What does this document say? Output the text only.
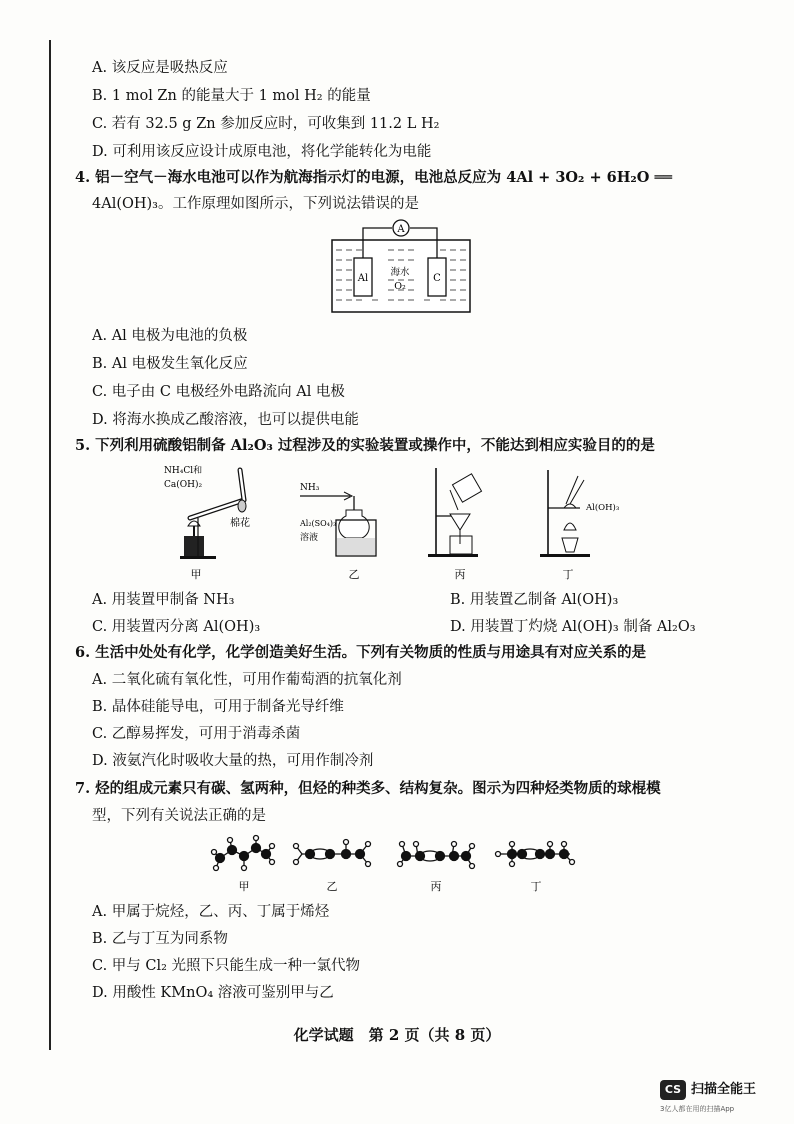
A. 该反应是吸热反应
B. 1 mol Zn 的能量大于 1 mol H₂ 的能量
C. 若有 32.5 g Zn 参加反应时，可收集到 11.2 L H₂
D. 可利用该反应设计成原电池，将化学能转化为电能
4. 铝－空气－海水电池可以作为航海指示灯的电源，电池总反应为 4Al + 3O₂ + 6H₂O ══
4Al(OH)₃。工作原理如图所示，下列说法错误的是
A
Al	C
海水
O₂
A. Al 电极为电池的负极
B. Al 电极发生氧化反应
C. 电子由 C 电极经外电路流向 Al 电极
D. 将海水换成乙酸溶液，也可以提供电能
5. 下列利用硫酸铝制备 Al₂O₃ 过程涉及的实验装置或操作中，不能达到相应实验目的的是
NH₄Cl和
Ca(OH)₂
棉花
甲
NH₃
Al₂(SO₄)₃
溶液
乙	丙
Al(OH)₃
丁
A. 用装置甲制备 NH₃	B. 用装置乙制备 Al(OH)₃
C. 用装置丙分离 Al(OH)₃	D. 用装置丁灼烧 Al(OH)₃ 制备 Al₂O₃
6. 生活中处处有化学，化学创造美好生活。下列有关物质的性质与用途具有对应关系的是
A. 二氧化硫有氧化性，可用作葡萄酒的抗氧化剂
B. 晶体硅能导电，可用于制备光导纤维
C. 乙醇易挥发，可用于消毒杀菌
D. 液氨汽化时吸收大量的热，可用作制冷剂
7. 烃的组成元素只有碳、氢两种，但烃的种类多、结构复杂。图示为四种烃类物质的球棍模
型，下列有关说法正确的是
甲	乙	丙	丁
A. 甲属于烷烃，乙、丙、丁属于烯烃
B. 乙与丁互为同系物
C. 甲与 Cl₂ 光照下只能生成一种一氯代物
D. 用酸性 KMnO₄ 溶液可鉴别甲与乙
化学试题　第 2 页（共 8 页）
CS 扫描全能王
3亿人都在用的扫描App
